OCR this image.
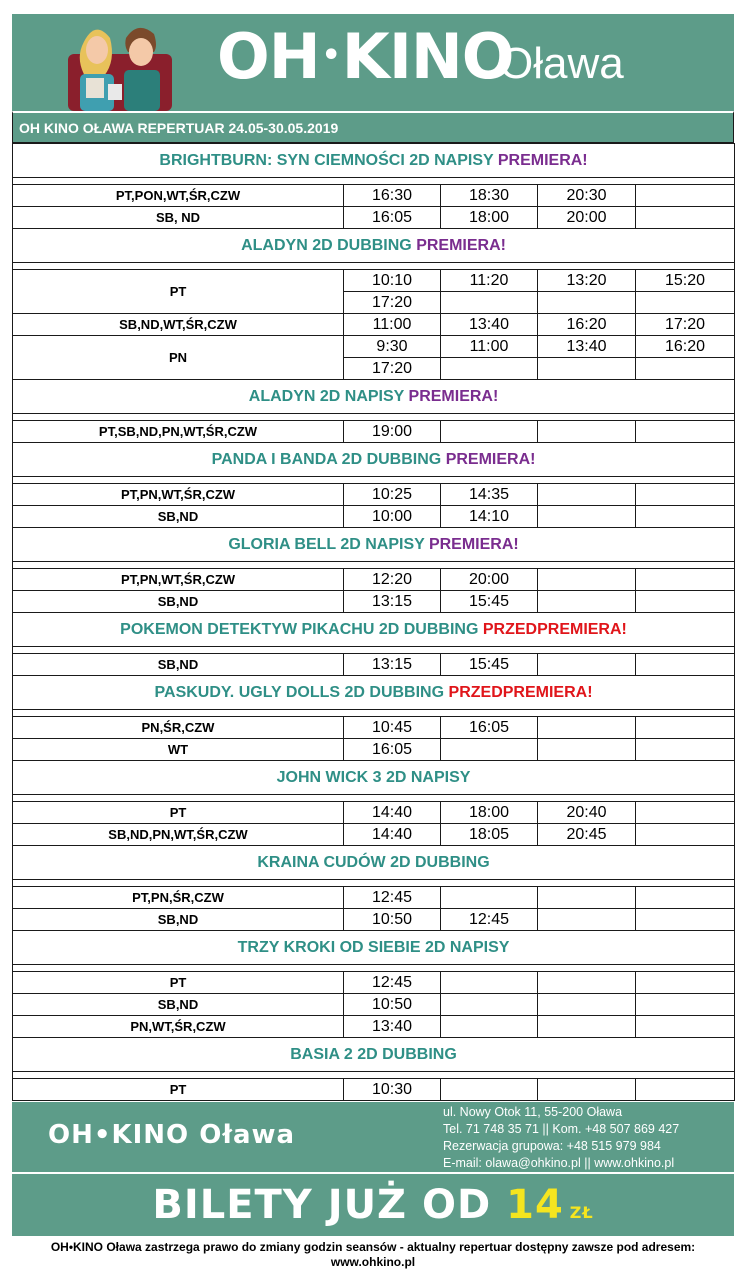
OH•KINO
Oława
OH KINO OŁAWA REPERTUAR 24.05-30.05.2019
BRIGHTBURN: SYN CIEMNOŚCI 2D NAPISY PREMIERA!				

PT,PON,WT,ŚR,CZW	16:30	18:30	20:30	
SB, ND	16:05	18:00	20:00	
ALADYN 2D DUBBING PREMIERA!				

PT	10:10	11:20	13:20	15:20
	17:20			
SB,ND,WT,ŚR,CZW	11:00	13:40	16:20	17:20
PN	9:30	11:00	13:40	16:20
	17:20			
ALADYN 2D NAPISY PREMIERA!				

PT,SB,ND,PN,WT,ŚR,CZW	19:00			
PANDA I BANDA 2D DUBBING PREMIERA!				

PT,PN,WT,ŚR,CZW	10:25	14:35		
SB,ND	10:00	14:10		
GLORIA BELL 2D NAPISY PREMIERA!				

PT,PN,WT,ŚR,CZW	12:20	20:00		
SB,ND	13:15	15:45		
POKEMON DETEKTYW PIKACHU 2D DUBBING PRZEDPREMIERA!				

SB,ND	13:15	15:45		
PASKUDY. UGLY DOLLS 2D DUBBING PRZEDPREMIERA!				

PN,ŚR,CZW	10:45	16:05		
WT	16:05			
JOHN WICK 3 2D NAPISY				

PT	14:40	18:00	20:40	
SB,ND,PN,WT,ŚR,CZW	14:40	18:05	20:45	
KRAINA CUDÓW 2D DUBBING				

PT,PN,ŚR,CZW	12:45			
SB,ND	10:50	12:45		
TRZY KROKI OD SIEBIE 2D NAPISY				

PT	12:45			
SB,ND	10:50			
PN,WT,ŚR,CZW	13:40			
BASIA 2 2D DUBBING				

PT	10:30			
OH•KINO Oława
ul. Nowy Otok 11, 55-200 Oława
Tel. 71 748 35 71 || Kom. +48 507 869 427
Rezerwacja grupowa: +48 515 979 984
E-mail: olawa@ohkino.pl || www.ohkino.pl
BILETY JUŻ OD 14 ZŁ
OH•KINO Oława zastrzega prawo do zmiany godzin seansów - aktualny repertuar dostępny zawsze pod adresem: www.ohkino.pl
